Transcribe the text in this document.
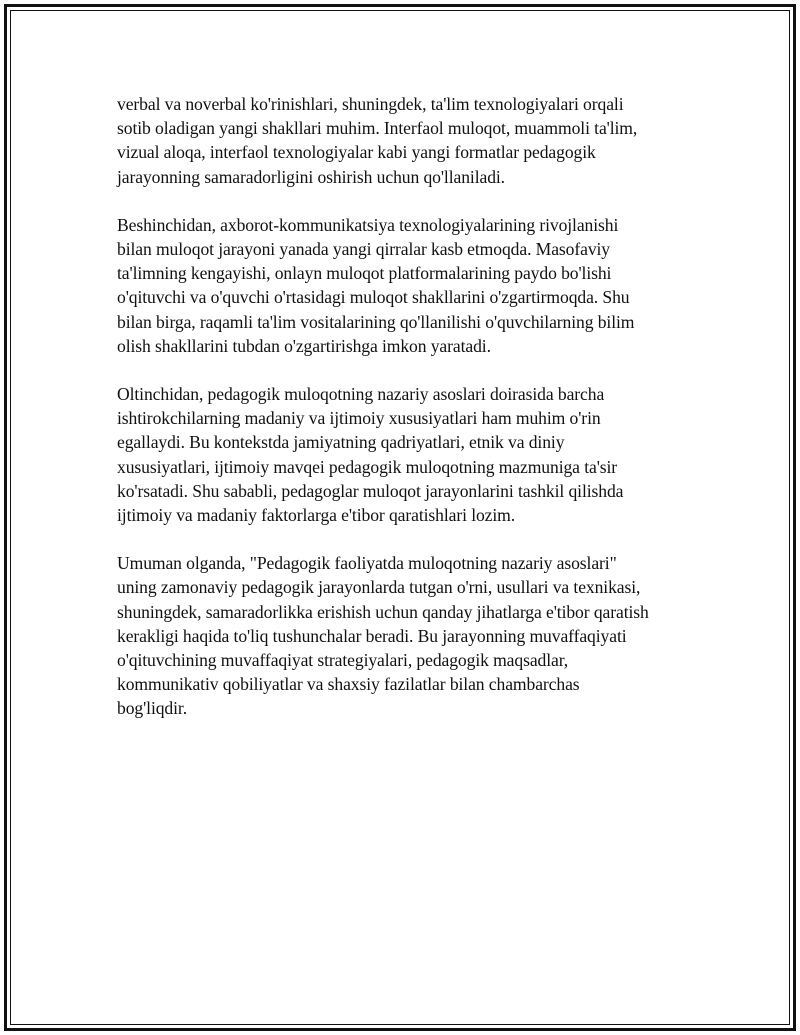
verbal va noverbal ko'rinishlari, shuningdek, ta'lim texnologiyalari orqali
sotib oladigan yangi shakllari muhim. Interfaol muloqot, muammoli ta'lim,
vizual aloqa, interfaol texnologiyalar kabi yangi formatlar pedagogik
jarayonning samaradorligini oshirish uchun qo'llaniladi.

Beshinchidan, axborot-kommunikatsiya texnologiyalarining rivojlanishi
bilan muloqot jarayoni yanada yangi qirralar kasb etmoqda. Masofaviy
ta'limning kengayishi, onlayn muloqot platformalarining paydo bo'lishi
o'qituvchi va o'quvchi o'rtasidagi muloqot shakllarini o'zgartirmoqda. Shu
bilan birga, raqamli ta'lim vositalarining qo'llanilishi o'quvchilarning bilim
olish shakllarini tubdan o'zgartirishga imkon yaratadi.

Oltinchidan, pedagogik muloqotning nazariy asoslari doirasida barcha
ishtirokchilarning madaniy va ijtimoiy xususiyatlari ham muhim o'rin
egallaydi. Bu kontekstda jamiyatning qadriyatlari, etnik va diniy
xususiyatlari, ijtimoiy mavqei pedagogik muloqotning mazmuniga ta'sir
ko'rsatadi. Shu sababli, pedagoglar muloqot jarayonlarini tashkil qilishda
ijtimoiy va madaniy faktorlarga e'tibor qaratishlari lozim.

Umuman olganda, "Pedagogik faoliyatda muloqotning nazariy asoslari"
uning zamonaviy pedagogik jarayonlarda tutgan o'rni, usullari va texnikasi,
shuningdek, samaradorlikka erishish uchun qanday jihatlarga e'tibor qaratish
kerakligi haqida to'liq tushunchalar beradi. Bu jarayonning muvaffaqiyati
o'qituvchining muvaffaqiyat strategiyalari, pedagogik maqsadlar,
kommunikativ qobiliyatlar va shaxsiy fazilatlar bilan chambarchas
bog'liqdir.
